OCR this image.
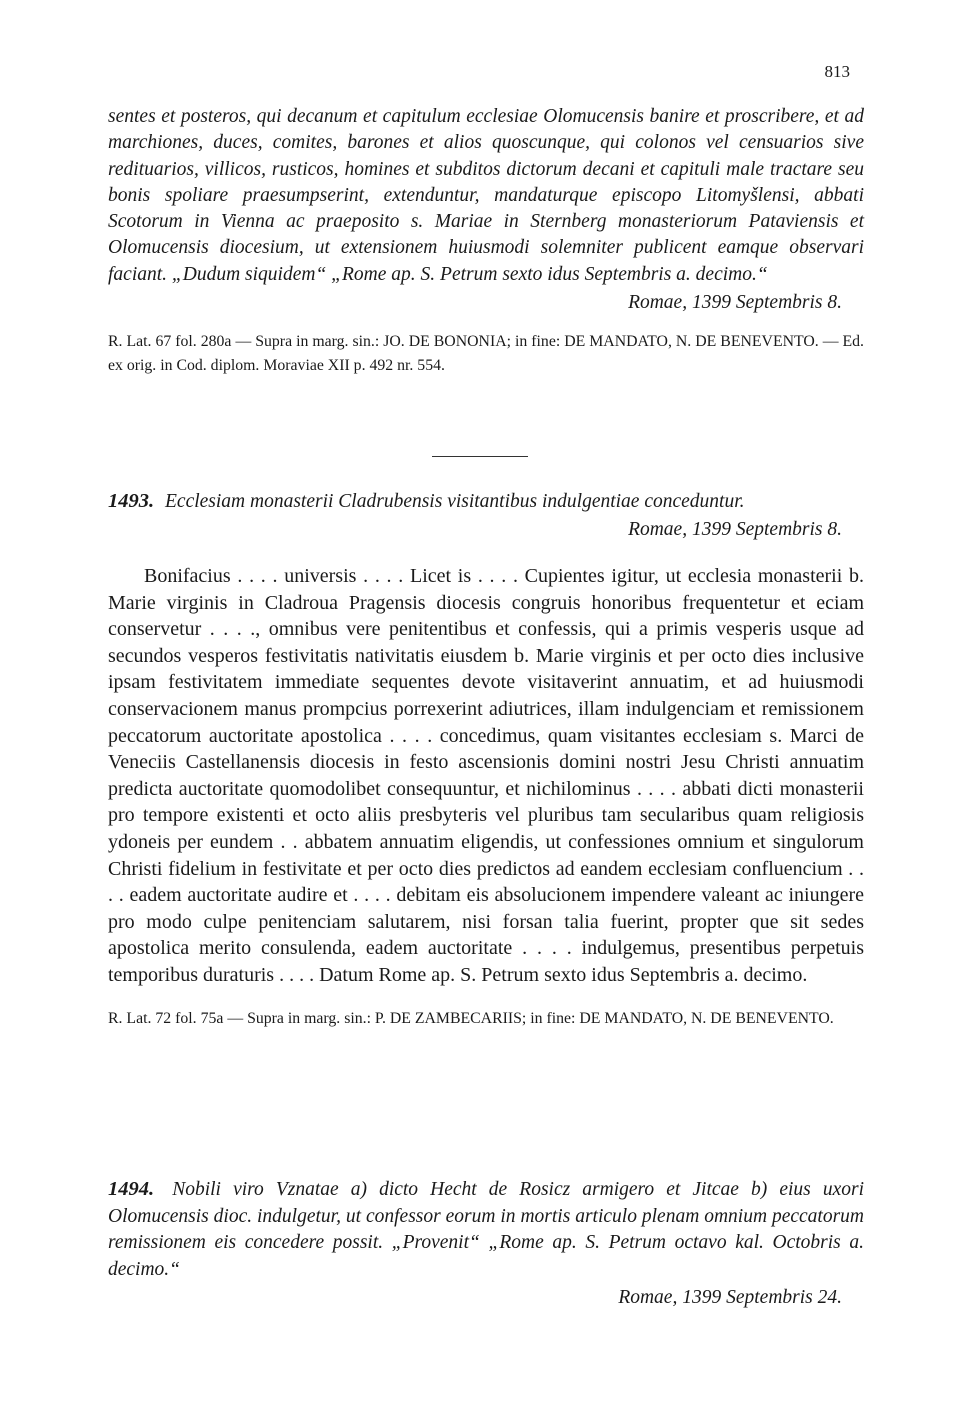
813
sentes et posteros, qui decanum et capitulum ecclesiae Olomucensis banire et proscribere, et ad marchiones, duces, comites, barones et alios quoscunque, qui colonos vel censuarios sive redituarios, villicos, rusticos, homines et subditos dictorum decani et capituli male tractare seu bonis spoliare praesumpserint, extenduntur, mandaturque episcopo Litomyšlensi, abbati Scotorum in Vienna ac praeposito s. Mariae in Sternberg monasteriorum Pataviensis et Olomucensis diocesium, ut extensionem huiusmodi solemniter publicent eamque observari faciant. „Dudum siquidem“ „Rome ap. S. Petrum sexto idus Septembris a. decimo.“
Romae, 1399 Septembris 8.
R. Lat. 67 fol. 280a — Supra in marg. sin.: JO. DE BONONIA; in fine: DE MANDATO, N. DE BENEVENTO. — Ed. ex orig. in Cod. diplom. Moraviae XII p. 492 nr. 554.
1493. Ecclesiam monasterii Cladrubensis visitantibus indulgentiae conceduntur.
Romae, 1399 Septembris 8.
Bonifacius . . . . universis . . . . Licet is . . . . Cupientes igitur, ut ecclesia monasterii b. Marie virginis in Cladroua Pragensis diocesis congruis honoribus frequentetur et eciam conservetur . . . ., omnibus vere penitentibus et confessis, qui a primis vesperis usque ad secundos vesperos festivitatis nativitatis eiusdem b. Marie virginis et per octo dies inclusive ipsam festivitatem immediate sequentes devote visitaverint annuatim, et ad huiusmodi conservacionem manus prompcius porrexerint adiutrices, illam indulgenciam et remissionem peccatorum auctoritate apostolica . . . . concedimus, quam visitantes ecclesiam s. Marci de Veneciis Castellanensis diocesis in festo ascensionis domini nostri Jesu Christi annuatim predicta auctoritate quomodolibet consequuntur, et nichilominus . . . . abbati dicti monasterii pro tempore existenti et octo aliis presbyteris vel pluribus tam secularibus quam religiosis ydoneis per eundem . . abbatem annuatim eligendis, ut confessiones omnium et singulorum Christi fidelium in festivitate et per octo dies predictos ad eandem ecclesiam confluencium . . . . eadem auctoritate audire et . . . . debitam eis absolucionem impendere valeant ac iniungere pro modo culpe penitenciam salutarem, nisi forsan talia fuerint, propter que sit sedes apostolica merito consulenda, eadem auctoritate . . . . indulgemus, presentibus perpetuis temporibus duraturis . . . . Datum Rome ap. S. Petrum sexto idus Septembris a. decimo.
R. Lat. 72 fol. 75a — Supra in marg. sin.: P. DE ZAMBECARIIS; in fine: DE MANDATO, N. DE BENEVENTO.
1494. Nobili viro Vznatae a) dicto Hecht de Rosicz armigero et Jitcae b) eius uxori Olomucensis dioc. indulgetur, ut confessor eorum in mortis articulo plenam omnium peccatorum remissionem eis concedere possit. „Provenit“ „Rome ap. S. Petrum octavo kal. Octobris a. decimo.“
Romae, 1399 Septembris 24.
